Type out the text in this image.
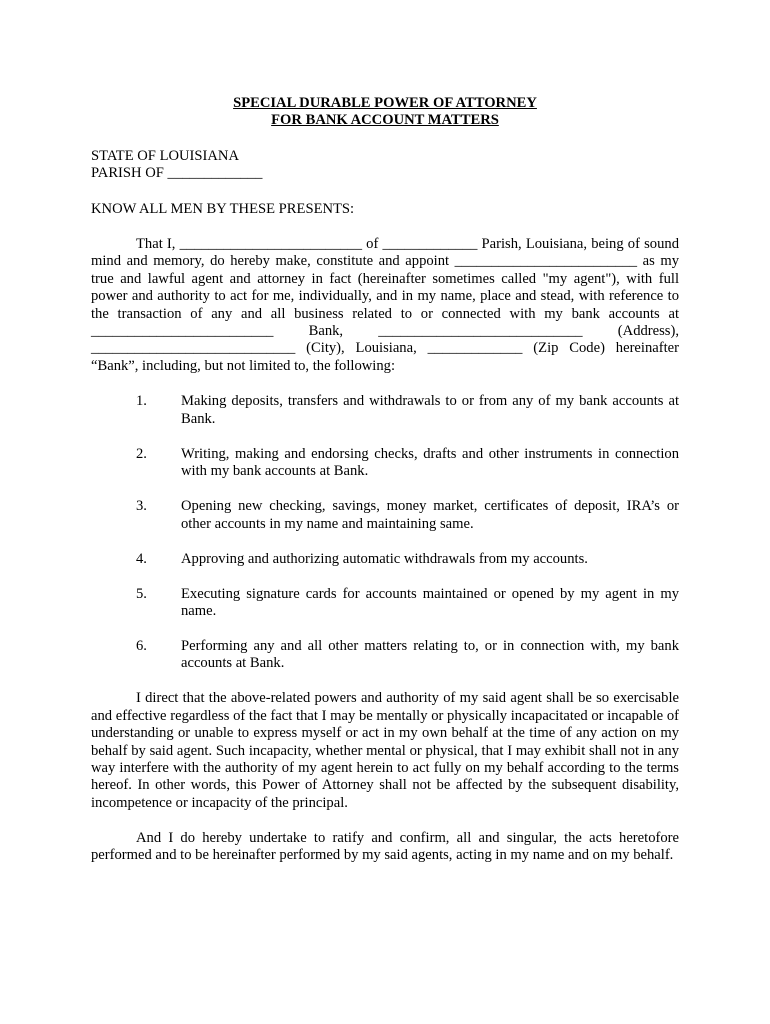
SPECIAL DURABLE POWER OF ATTORNEY

FOR BANK ACCOUNT MATTERS

STATE OF LOUISIANA

PARISH OF _____________

KNOW ALL MEN BY THESE PRESENTS:

That I, _________________________ of _____________ Parish, Louisiana, being of sound mind and memory, do hereby make, constitute and appoint _________________________ as my true and lawful agent and attorney in fact (hereinafter sometimes called "my agent"), with full power and authority to act for me, individually, and in my name, place and stead, with reference to the transaction of any and all business related to or connected with my bank accounts at _________________________ Bank, ____________________________ (Address), ____________________________ (City), Louisiana, _____________ (Zip Code) hereinafter “Bank”, including, but not limited to, the following:

1. Making deposits, transfers and withdrawals to or from any of my bank accounts at Bank.
2. Writing, making and endorsing checks, drafts and other instruments in connection with my bank accounts at Bank.
3. Opening new checking, savings, money market, certificates of deposit, IRA’s or other accounts in my name and maintaining same.
4. Approving and authorizing automatic withdrawals from my accounts.
5. Executing signature cards for accounts maintained or opened by my agent in my name.
6. Performing any and all other matters relating to, or in connection with, my bank accounts at Bank.

I direct that the above-related powers and authority of my said agent shall be so exercisable and effective regardless of the fact that I may be mentally or physically incapacitated or incapable of understanding or unable to express myself or act in my own behalf at the time of any action on my behalf by said agent. Such incapacity, whether mental or physical, that I may exhibit shall not in any way interfere with the authority of my agent herein to act fully on my behalf according to the terms hereof. In other words, this Power of Attorney shall not be affected by the subsequent disability, incompetence or incapacity of the principal.

And I do hereby undertake to ratify and confirm, all and singular, the acts heretofore performed and to be hereinafter performed by my said agents, acting in my name and on my behalf.
